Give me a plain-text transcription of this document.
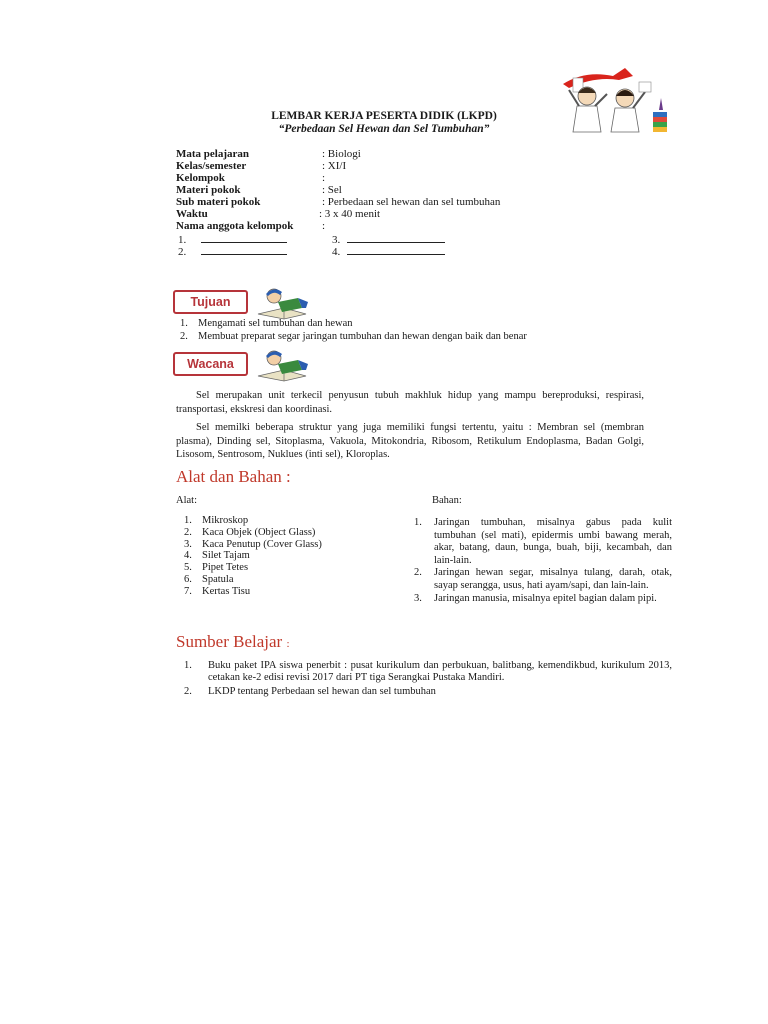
LEMBAR KERJA PESERTA DIDIK (LKPD)
“Perbedaan Sel Hewan dan Sel Tumbuhan”
Mata pelajaran	: Biologi
Kelas/semester	: XI/I
Kelompok	:
Materi pokok	: Sel
Sub materi pokok	: Perbedaan sel hewan dan sel tumbuhan
Waktu	: 3 x 40 menit
Nama anggota kelompok	:
1.
2.
3.
4.
Tujuan
1. Mengamati sel tumbuhan dan hewan
2. Membuat preparat segar jaringan tumbuhan dan hewan dengan baik dan benar
Wacana
Sel merupakan unit terkecil penyusun tubuh makhluk hidup yang mampu bereproduksi, respirasi, transportasi, ekskresi dan koordinasi.
Sel memilki beberapa struktur yang juga memiliki fungsi tertentu, yaitu : Membran sel (membran plasma), Dinding sel, Sitoplasma, Vakuola, Mitokondria, Ribosom, Retikulum Endoplasma, Badan Golgi, Lisosom, Sentrosom, Nuklues (inti sel), Kloroplas.
Alat dan Bahan :
Alat:	Bahan:
1. Mikroskop
2. Kaca Objek (Object Glass)
3. Kaca Penutup (Cover Glass)
4. Silet Tajam
5. Pipet Tetes
6. Spatula
7. Kertas Tisu
1. Jaringan tumbuhan, misalnya gabus pada kulit tumbuhan (sel mati), epidermis umbi bawang merah, akar, batang, daun, bunga, buah, biji, kecambah, dan lain-lain.
2. Jaringan hewan segar, misalnya tulang, darah, otak, sayap serangga, usus, hati ayam/sapi, dan lain-lain.
3. Jaringan manusia, misalnya epitel bagian dalam pipi.
Sumber Belajar :
1. Buku paket IPA siswa penerbit : pusat kurikulum dan perbukuan, balitbang, kemendikbud, kurikulum 2013, cetakan ke-2 edisi revisi 2017 dari PT tiga Serangkai Pustaka Mandiri.
2. LKDP tentang Perbedaan sel hewan dan sel tumbuhan
